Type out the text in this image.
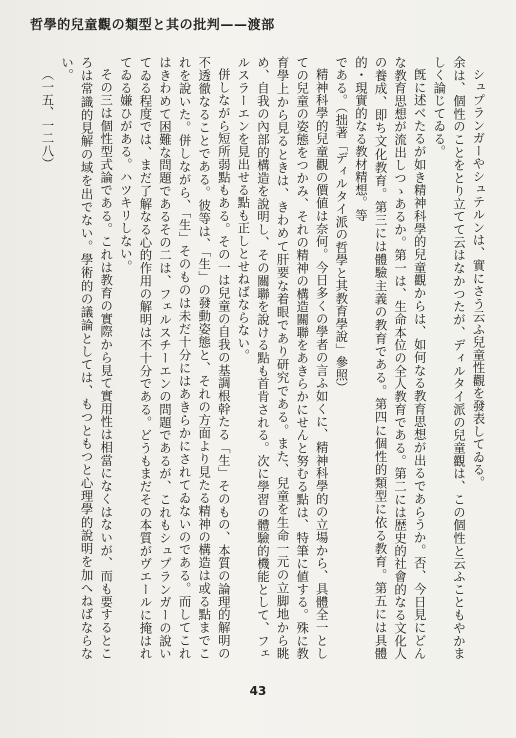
哲學的兒童觀の類型と其の批判——渡部

シュプランガーやシュテルンは、實にさう云ふ兒童性觀を發表してゐる。

余は、個性のことをとり立てて云はなかつたが、ディルタイ派の兒童觀は、この個性と云ふこともやかましく論じてゐる。

旣に述べたるが如き精神科學的兒童觀からは、如何なる教育思想が出るであらうか。否、今日見にどんな教育思想が流出しつゝあるか。第一は、生命本位の全人教育である。第二には歴史的社會的なる文化人の養成、即ち文化教育。第三には體驗主義の教育である。第四に個性的類型に依る教育。第五には具體的・現實的なる教材精想。等

である。（拙著「ディルタイ派の哲學と其教育學說」參照）

精神科學的兒童觀の價値は奈何。今日多くの學者の言ふ如くに、精神科學的の立場から、具體全一としての兒童の姿態をつかみ、それの精神の構造關聯をあきらかにせんと努むる點は、特筆に値する。殊に教育學上から見るときは、きわめて肝要な着眼であり研究である。また、兒童を生命一元の立脚地から眺め、自我の內部的構造を說明し、その關聯を說ける點も首肯される。次に學習の體驗的機能として、フェルスラーエンを見出せる點も正しとせねばならない。

併しながら短所弱點もある。その一は兒童の自我の基調根幹たる「生」そのもの、本質の論理的解明の不透徹なることである。彼等は、「生」の發動姿態と、それの方面より見たる精神の構造は或る點までこれを說いた。併しながら、「生」そのものは未だ十分にはあきらかにされてゐないのである。而してこれはきわめて困難な問題であるその二は、フェルスチーエンの問題であるが、これもシュプランガーの說いてゐる程度では、まだ了解なる心的作用の解明は不十分である。どうもまだその本質がヴエールに掩はれてゐる嫌ひがある。ハツキリしない。

その三は個性型式論である。これは教育の實際から見て實用性は相當になくはないが、而も要するところは常識的見解の域を出でない。學術的の議論としては、もつともつと心理學的說明を加へねばならない。

（一五、一二八）
43
